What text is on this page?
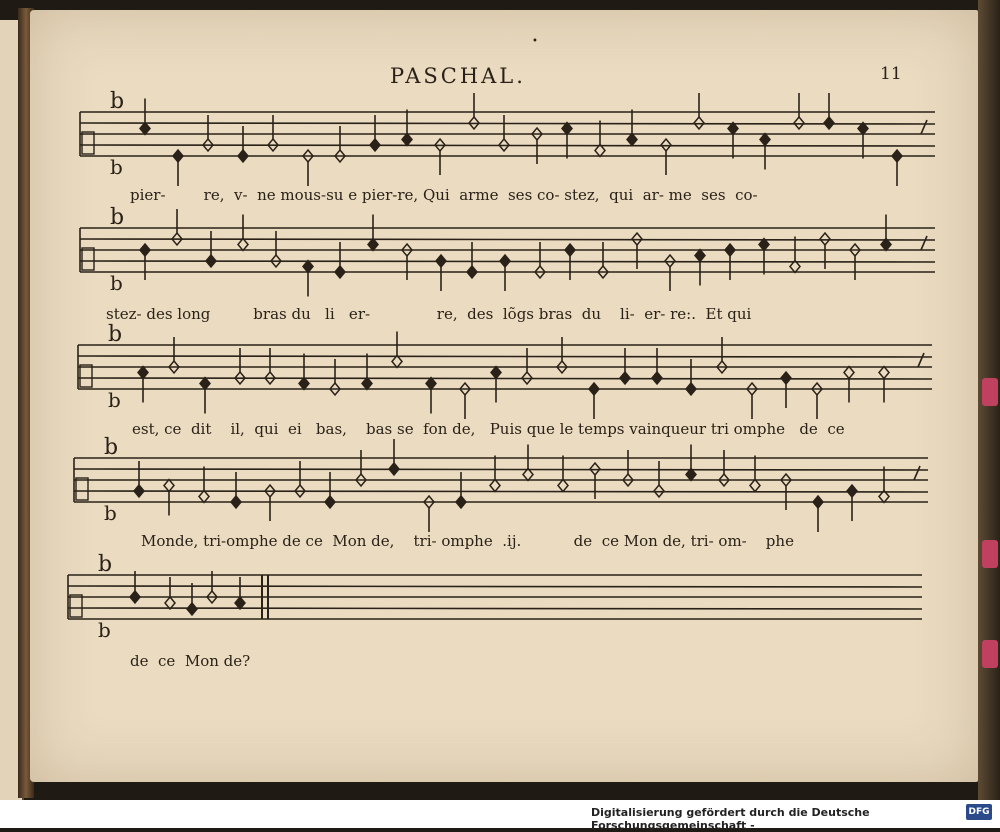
•
PASCHAL.	11
b
b
b
b
b
b
b
b
b
b
pier-        re,  v-  ne mous-su e pier-re, Qui  arme  ses co- stez,  qui  ar- me  ses  co-
stez- des long         bras du   li   er-              re,  des  lõgs bras  du    li-  er- re:.  Et qui
est, ce  dit    il,  qui  ei   bas,    bas se  fon de,   Puis que le temps vainqueur tri omphe   de  ce
Monde, tri-omphe de ce  Mon de,    tri- omphe  .ij.           de  ce Mon de, tri- om-    phe
de  ce  Mon de?
Digitalisierung gefördert durch die Deutsche Forschungsgemeinschaft -
DFG
